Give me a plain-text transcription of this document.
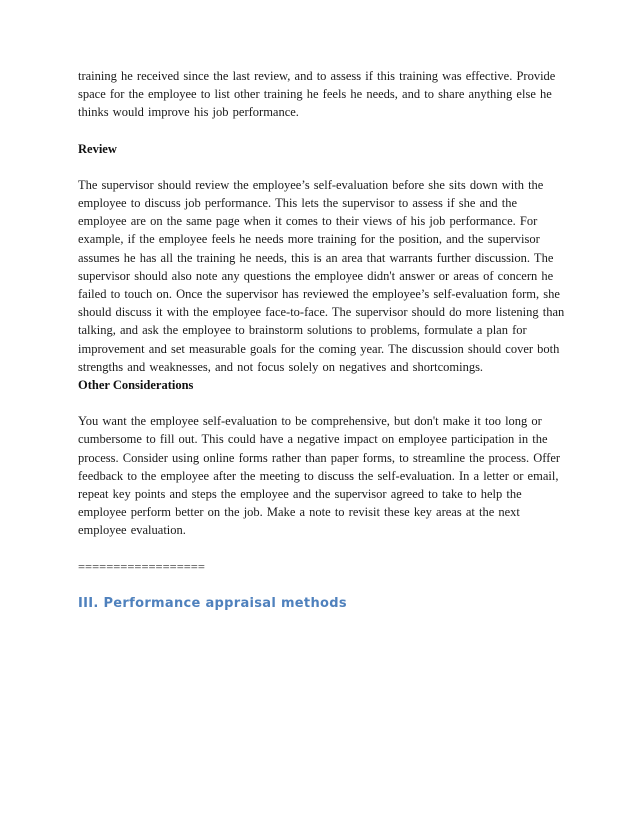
training he received since the last review, and to assess if this training was effective. Provide space for the employee to list other training he feels he needs, and to share anything else he thinks would improve his job performance.

Review

The supervisor should review the employee’s self-evaluation before she sits down with the employee to discuss job performance. This lets the supervisor to assess if she and the employee are on the same page when it comes to their views of his job performance. For example, if the employee feels he needs more training for the position, and the supervisor assumes he has all the training he needs, this is an area that warrants further discussion. The supervisor should also note any questions the employee didn't answer or areas of concern he failed to touch on. Once the supervisor has reviewed the employee’s self-evaluation form, she should discuss it with the employee face-to-face. The supervisor should do more listening than talking, and ask the employee to brainstorm solutions to problems, formulate a plan for improvement and set measurable goals for the coming year. The discussion should cover both strengths and weaknesses, and not focus solely on negatives and shortcomings.

Other Considerations

You want the employee self-evaluation to be comprehensive, but don't make it too long or cumbersome to fill out. This could have a negative impact on employee participation in the process. Consider using online forms rather than paper forms, to streamline the process. Offer feedback to the employee after the meeting to discuss the self-evaluation. In a letter or email, repeat key points and steps the employee and the supervisor agreed to take to help the employee perform better on the job. Make a note to revisit these key areas at the next employee evaluation.

==================

III. Performance appraisal methods
